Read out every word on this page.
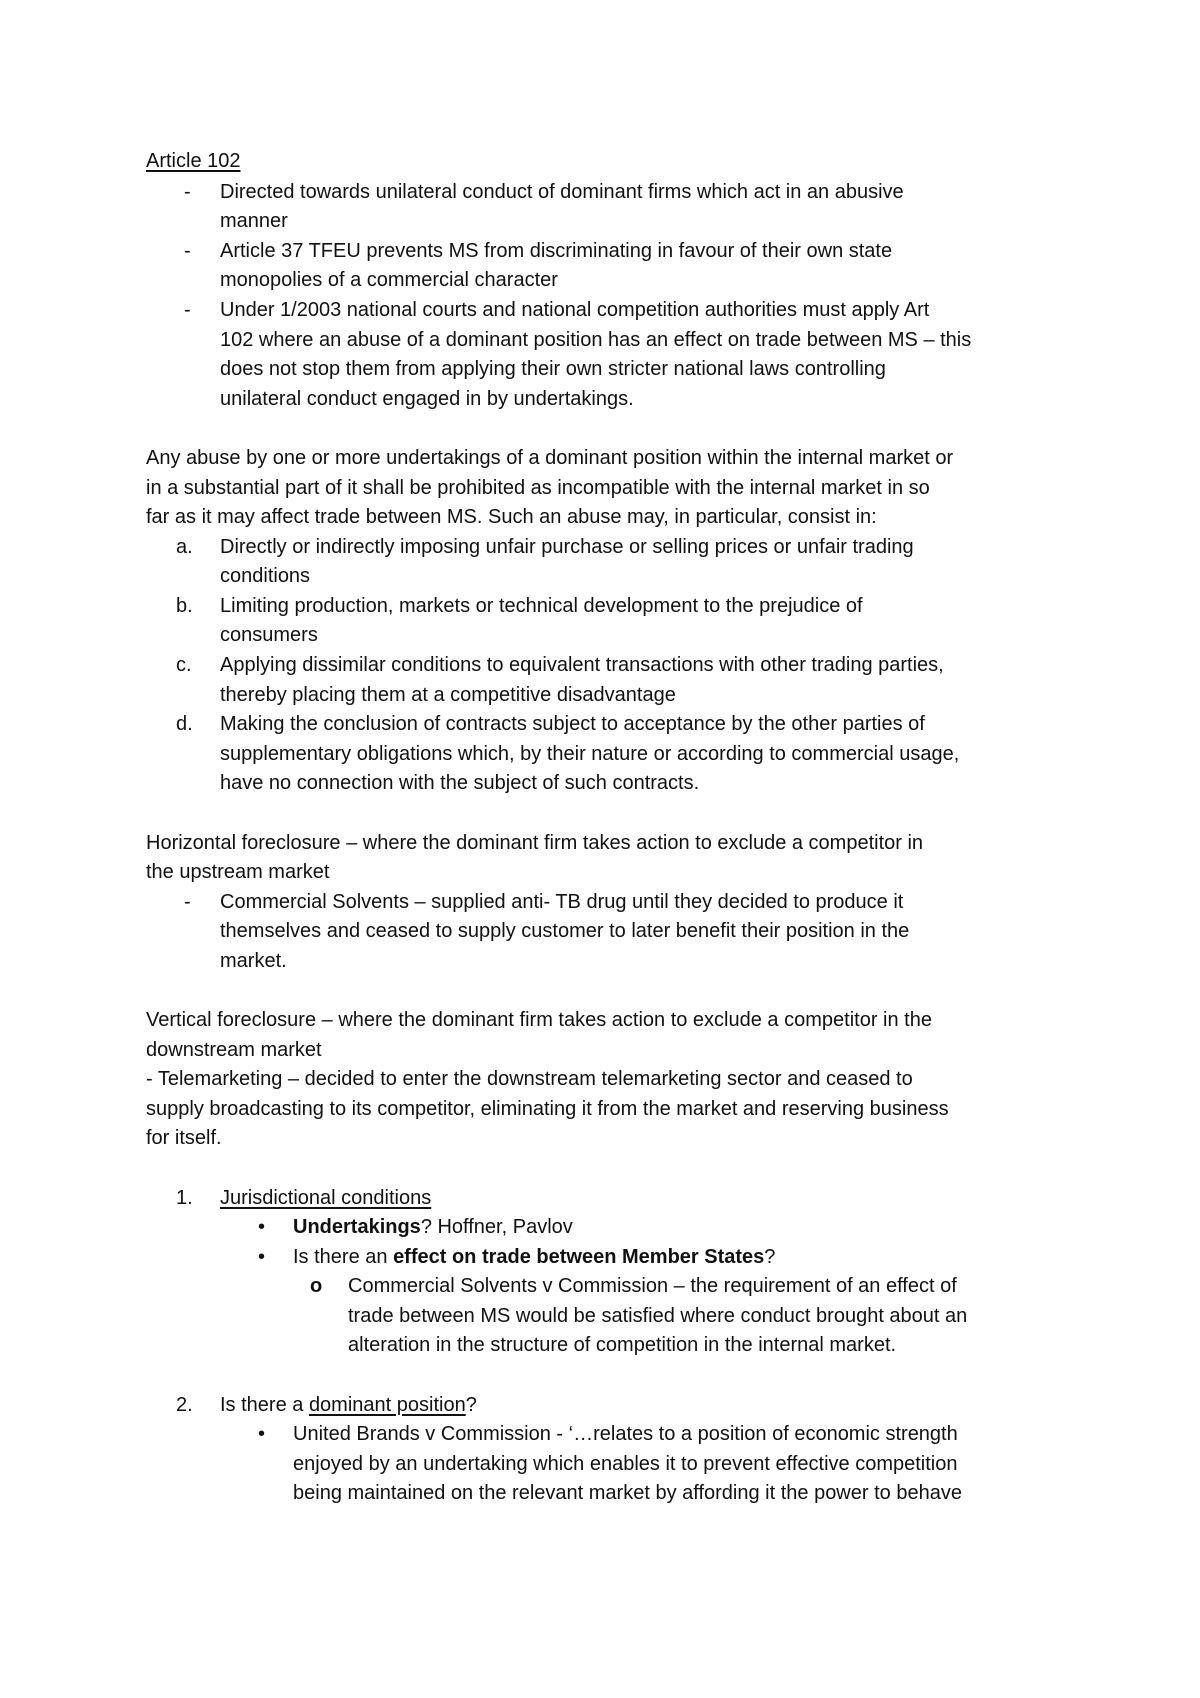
Article 102
- Directed towards unilateral conduct of dominant firms which act in an abusive
manner
- Article 37 TFEU prevents MS from discriminating in favour of their own state
monopolies of a commercial character
- Under 1/2003 national courts and national competition authorities must apply Art
102 where an abuse of a dominant position has an effect on trade between MS – this
does not stop them from applying their own stricter national laws controlling
unilateral conduct engaged in by undertakings.
Any abuse by one or more undertakings of a dominant position within the internal market or
in a substantial part of it shall be prohibited as incompatible with the internal market in so
far as it may affect trade between MS. Such an abuse may, in particular, consist in:
a. Directly or indirectly imposing unfair purchase or selling prices or unfair trading
conditions
b. Limiting production, markets or technical development to the prejudice of
consumers
c. Applying dissimilar conditions to equivalent transactions with other trading parties,
thereby placing them at a competitive disadvantage
d. Making the conclusion of contracts subject to acceptance by the other parties of
supplementary obligations which, by their nature or according to commercial usage,
have no connection with the subject of such contracts.
Horizontal foreclosure – where the dominant firm takes action to exclude a competitor in
the upstream market
- Commercial Solvents – supplied anti- TB drug until they decided to produce it
themselves and ceased to supply customer to later benefit their position in the
market.
Vertical foreclosure – where the dominant firm takes action to exclude a competitor in the
downstream market
- Telemarketing – decided to enter the downstream telemarketing sector and ceased to
supply broadcasting to its competitor, eliminating it from the market and reserving business
for itself.
1. Jurisdictional conditions
• Undertakings? Hoffner, Pavlov
• Is there an effect on trade between Member States?
o Commercial Solvents v Commission – the requirement of an effect of
trade between MS would be satisfied where conduct brought about an
alteration in the structure of competition in the internal market.
2. Is there a dominant position?
• United Brands v Commission - ‘…relates to a position of economic strength
enjoyed by an undertaking which enables it to prevent effective competition
being maintained on the relevant market by affording it the power to behave
